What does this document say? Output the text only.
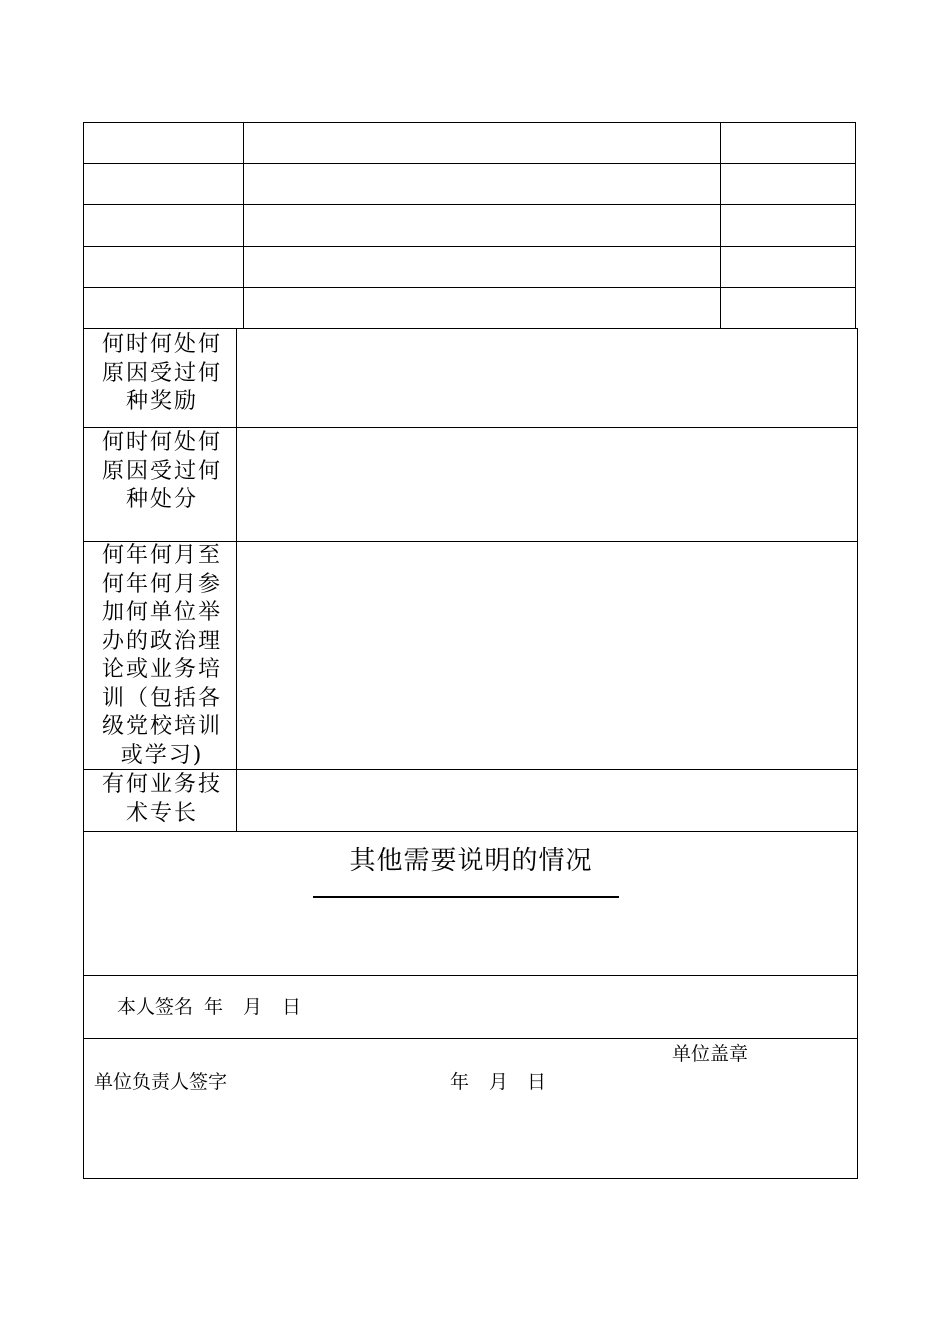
何时何处何原因受过何种奖励
何时何处何原因受过何种处分
何年何月至何年何月参加何单位举办的政治理论或业务培训（包括各级党校培训或学习)
有何业务技术专长
其他需要说明的情况
本人签名 年 月 日
单位盖章
单位负责人签字	年 月 日
